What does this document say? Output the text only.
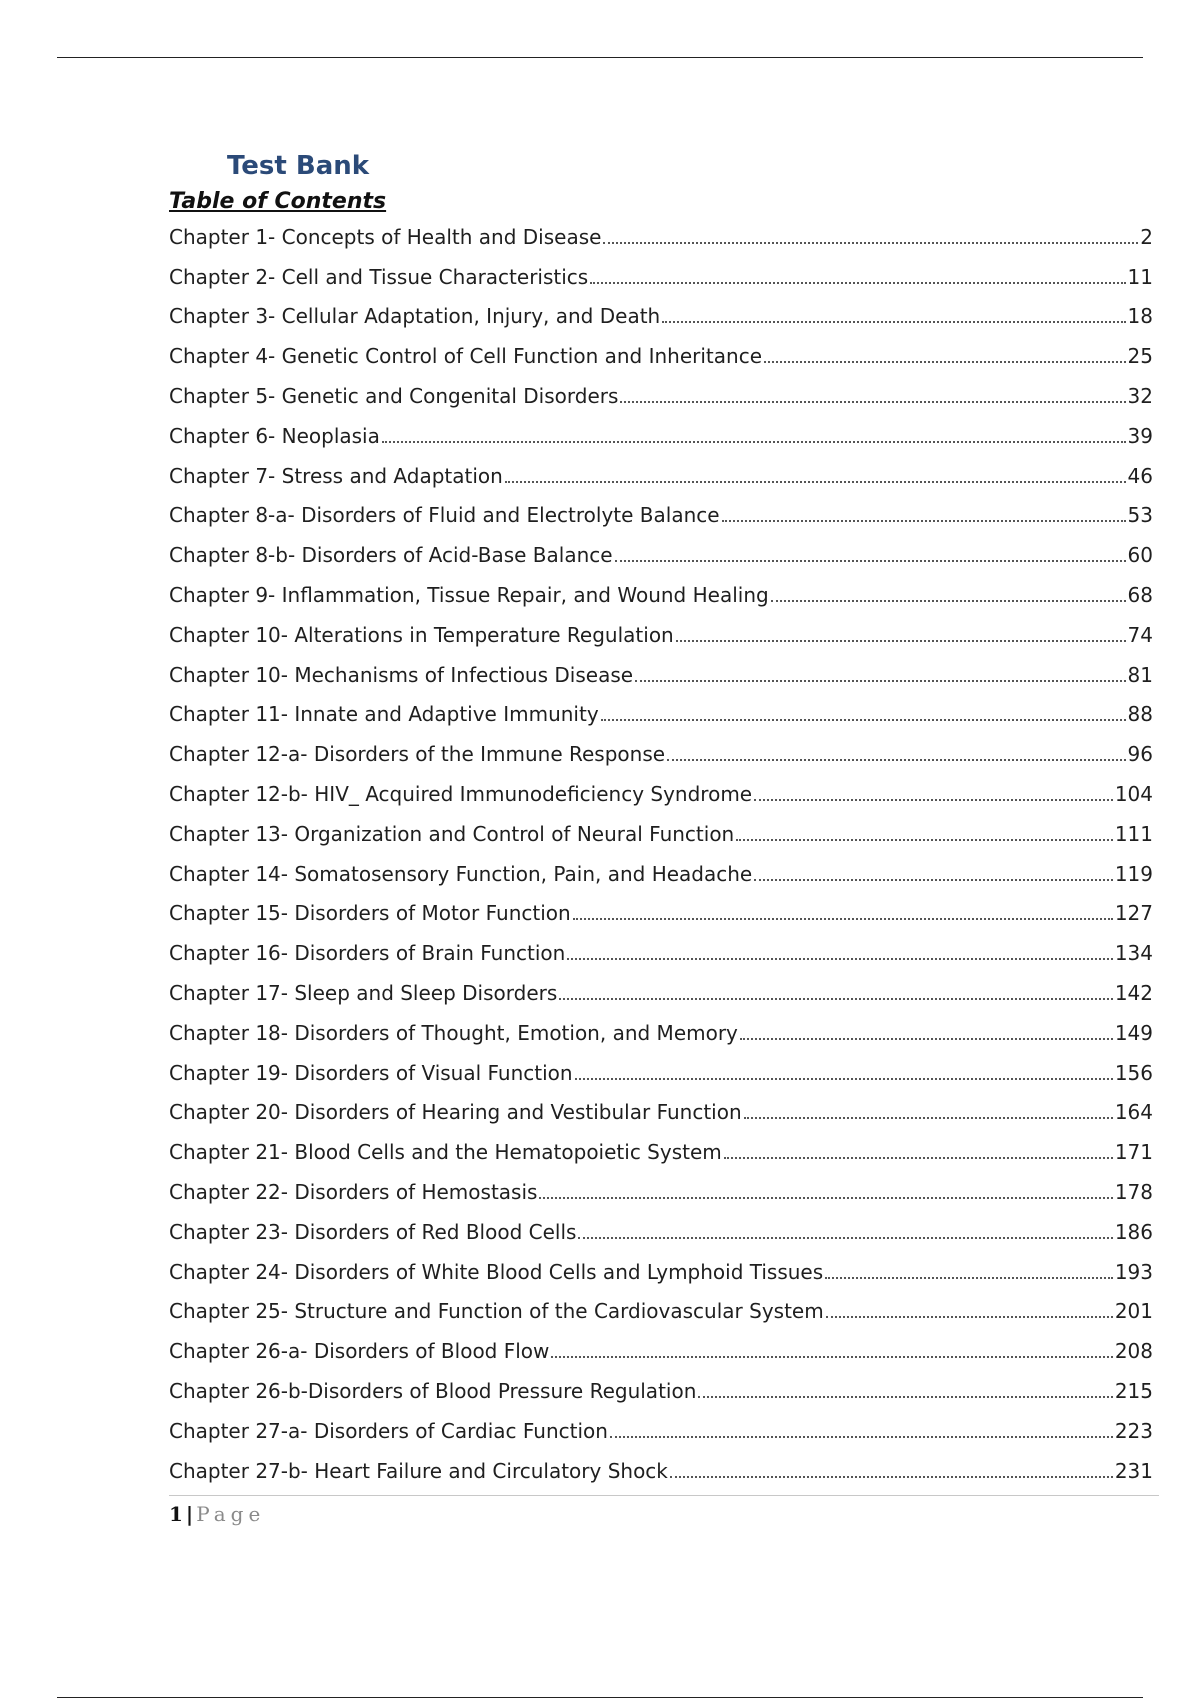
Test Bank
Table of Contents
Chapter 1- Concepts of Health and Disease	2
Chapter 2- Cell and Tissue Characteristics	11
Chapter 3- Cellular Adaptation, Injury, and Death	18
Chapter 4- Genetic Control of Cell Function and Inheritance	25
Chapter 5- Genetic and Congenital Disorders	32
Chapter 6- Neoplasia	39
Chapter 7- Stress and Adaptation	46
Chapter 8-a- Disorders of Fluid and Electrolyte Balance	53
Chapter 8-b- Disorders of Acid-Base Balance	60
Chapter 9- Inflammation, Tissue Repair, and Wound Healing	68
Chapter 10- Alterations in Temperature Regulation	74
Chapter 10- Mechanisms of Infectious Disease	81
Chapter 11- Innate and Adaptive Immunity	88
Chapter 12-a- Disorders of the Immune Response	96
Chapter 12-b- HIV_ Acquired Immunodeficiency Syndrome	104
Chapter 13- Organization and Control of Neural Function	111
Chapter 14- Somatosensory Function, Pain, and Headache	119
Chapter 15- Disorders of Motor Function	127
Chapter 16- Disorders of Brain Function	134
Chapter 17- Sleep and Sleep Disorders	142
Chapter 18- Disorders of Thought, Emotion, and Memory	149
Chapter 19- Disorders of Visual Function	156
Chapter 20- Disorders of Hearing and Vestibular Function	164
Chapter 21- Blood Cells and the Hematopoietic System	171
Chapter 22- Disorders of Hemostasis	178
Chapter 23- Disorders of Red Blood Cells	186
Chapter 24- Disorders of White Blood Cells and Lymphoid Tissues	193
Chapter 25- Structure and Function of the Cardiovascular System	201
Chapter 26-a- Disorders of Blood Flow	208
Chapter 26-b-Disorders of Blood Pressure Regulation	215
Chapter 27-a- Disorders of Cardiac Function	223
Chapter 27-b- Heart Failure and Circulatory Shock	231
1 | Page
